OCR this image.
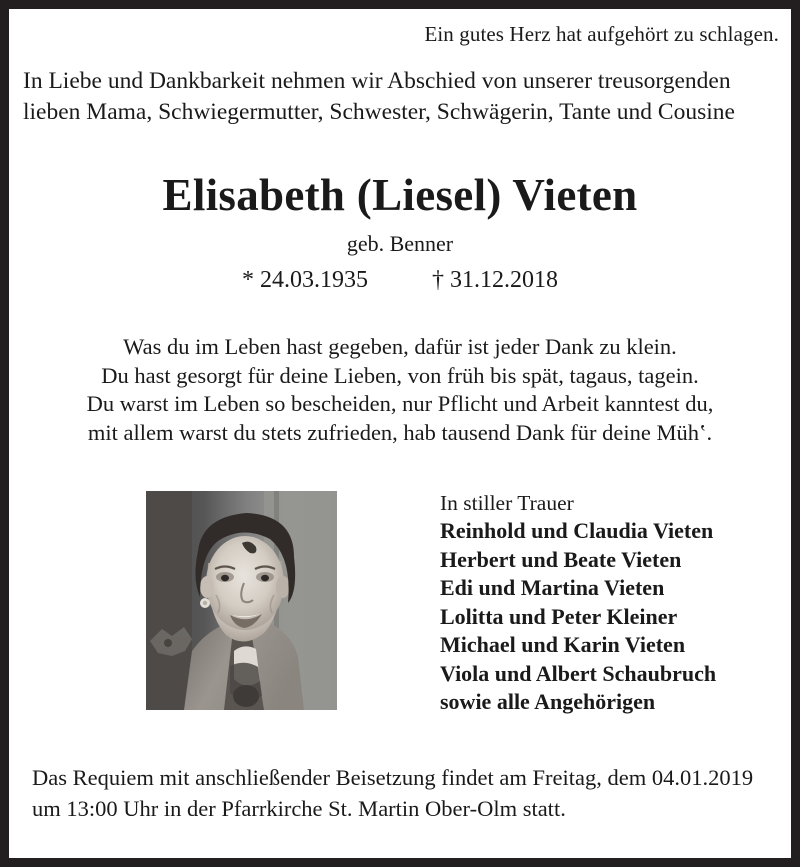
Ein gutes Herz hat aufgehört zu schlagen.
In Liebe und Dankbarkeit nehmen wir Abschied von unserer treusorgenden
lieben Mama, Schwiegermutter, Schwester, Schwägerin, Tante und Cousine
Elisabeth (Liesel) Vieten
geb. Benner
* 24.03.1935	† 31.12.2018
Was du im Leben hast gegeben, dafür ist jeder Dank zu klein.
Du hast gesorgt für deine Lieben, von früh bis spät, tagaus, tagein.
Du warst im Leben so bescheiden, nur Pflicht und Arbeit kanntest du,
mit allem warst du stets zufrieden, hab tausend Dank für deine Mühʽ.
In stiller Trauer
Reinhold und Claudia Vieten
Herbert und Beate Vieten
Edi und Martina Vieten
Lolitta und Peter Kleiner
Michael und Karin Vieten
Viola und Albert Schaubruch
sowie alle Angehörigen
Das Requiem mit anschließender Beisetzung findet am Freitag, dem 04.01.2019
um 13:00 Uhr in der Pfarrkirche St. Martin Ober-Olm statt.
